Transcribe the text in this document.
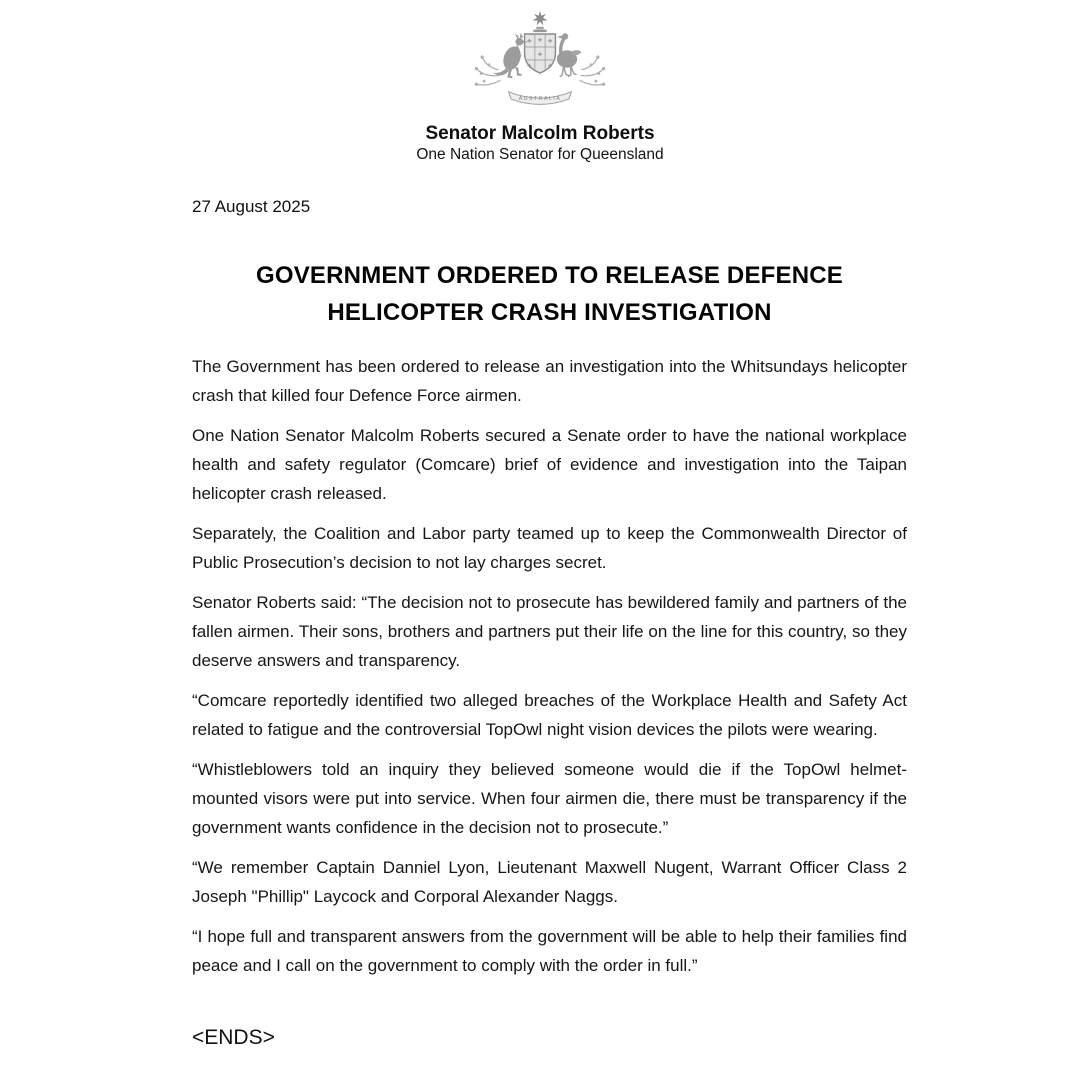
AUSTRALIA
Senator Malcolm Roberts
One Nation Senator for Queensland
27 August 2025
GOVERNMENT ORDERED TO RELEASE DEFENCE
HELICOPTER CRASH INVESTIGATION

The Government has been ordered to release an investigation into the Whitsundays helicopter crash that killed four Defence Force airmen.

One Nation Senator Malcolm Roberts secured a Senate order to have the national workplace health and safety regulator (Comcare) brief of evidence and investigation into the Taipan helicopter crash released.

Separately, the Coalition and Labor party teamed up to keep the Commonwealth Director of Public Prosecution’s decision to not lay charges secret.

Senator Roberts said: “The decision not to prosecute has bewildered family and partners of the fallen airmen. Their sons, brothers and partners put their life on the line for this country, so they deserve answers and transparency.

“Comcare reportedly identified two alleged breaches of the Workplace Health and Safety Act related to fatigue and the controversial TopOwl night vision devices the pilots were wearing.

“Whistleblowers told an inquiry they believed someone would die if the TopOwl helmet-mounted visors were put into service. When four airmen die, there must be transparency if the government wants confidence in the decision not to prosecute.”

“We remember Captain Danniel Lyon, Lieutenant Maxwell Nugent, Warrant Officer Class 2 Joseph "Phillip" Laycock and Corporal Alexander Naggs.

“I hope full and transparent answers from the government will be able to help their families find peace and I call on the government to comply with the order in full.”

<ENDS>
